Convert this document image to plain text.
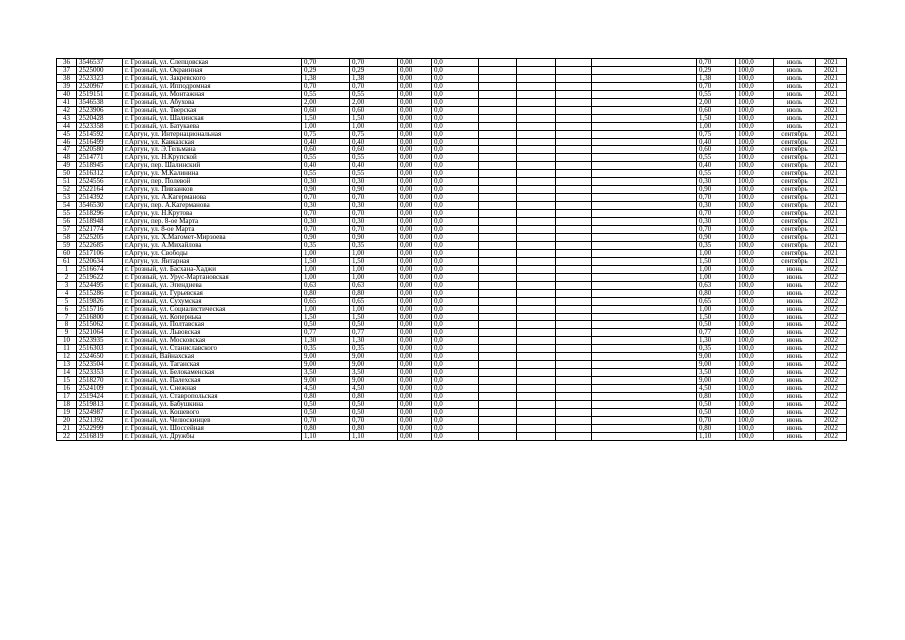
36	3546537	г. Грозный, ул. Слепцовская	0,70	0,70	0,00	0,0					0,70	100,0	июль	2021
37	2525000	г. Грозный, ул. Окраинная	0,29	0,29	0,00	0,0					0,29	100,0	июль	2021
38	2523323	г. Грозный, ул. Закревского	1,38	1,38	0,00	0,0					1,38	100,0	июль	2021
39	2520967	г. Грозный, ул. Ипподромная	0,70	0,70	0,00	0,0					0,70	100,0	июль	2021
40	2519151	г. Грозный, ул. Монтажная	0,55	0,55	0,00	0,0					0,55	100,0	июль	2021
41	3546538	г. Грозный, ул. Абухова	2,00	2,00	0,00	0,0					2,00	100,0	июль	2021
42	2523906	г. Грозный, ул. Тверская	0,60	0,60	0,00	0,0					0,60	100,0	июль	2021
43	2520428	г. Грозный, ул. Шалинская	1,50	1,50	0,00	0,0					1,50	100,0	июль	2021
44	2523358	г. Грозный, ул. Батукаева	1,00	1,00	0,00	0,0					1,00	100,0	июль	2021
45	2514592	г.Аргун, ул. Интернациональная	0,75	0,75	0,00	0,0					0,75	100,0	сентябрь	2021
46	2516499	г.Аргун, ул. Кавказская	0,40	0,40	0,00	0,0					0,40	100,0	сентябрь	2021
47	2520580	г.Аргун, ул. Э.Тельмана	0,60	0,60	0,00	0,0					0,60	100,0	сентябрь	2021
48	2514771	г.Аргун, ул. Н.Крупской	0,55	0,55	0,00	0,0					0,55	100,0	сентябрь	2021
49	2518945	г.Аргун, пер. Шалинский	0,40	0,40	0,00	0,0					0,40	100,0	сентябрь	2021
50	2516312	г.Аргун, ул. М.Калинина	0,55	0,55	0,00	0,0					0,55	100,0	сентябрь	2021
51	2524556	г.Аргун, пер. Полевой	0,30	0,30	0,00	0,0					0,30	100,0	сентябрь	2021
52	2522164	г.Аргун, ул. Пивзанков	0,90	0,90	0,00	0,0					0,90	100,0	сентябрь	2021
53	2514392	г.Аргун, ул. А.Кагерманова	0,70	0,70	0,00	0,0					0,70	100,0	сентябрь	2021
54	3546530	г.Аргун, пер. А.Кагерманова	0,30	0,30	0,00	0,0					0,30	100,0	сентябрь	2021
55	2518296	г.Аргун, ул. Н.Крутова	0,70	0,70	0,00	0,0					0,70	100,0	сентябрь	2021
56	2518948	г.Аргун, пер. 8-ое Марта	0,30	0,30	0,00	0,0					0,30	100,0	сентябрь	2021
57	2521774	г.Аргун, ул. 8-ое Марта	0,70	0,70	0,00	0,0					0,70	100,0	сентябрь	2021
58	2525205	г.Аргун, ул. Х.Магомет-Мирзоева	0,90	0,90	0,00	0,0					0,90	100,0	сентябрь	2021
59	2522685	г.Аргун, ул. А.Михайлова	0,35	0,35	0,00	0,0					0,35	100,0	сентябрь	2021
60	2517106	г.Аргун, ул. Свободы	1,00	1,00	0,00	0,0					1,00	100,0	сентябрь	2021
61	2520634	г.Аргун, ул. Янтарная	1,50	1,50	0,00	0,0					1,50	100,0	сентябрь	2021
1	2516674	г. Грозный, ул. Басхана-Хаджи	1,00	1,00	0,00	0,0					1,00	100,0	июнь	2022
2	2519622	г. Грозный, ул. Урус-Мартановская	1,00	1,00	0,00	0,0					1,00	100,0	июнь	2022
3	2524495	г. Грозный, ул. Эпендиева	0,63	0,63	0,00	0,0					0,63	100,0	июнь	2022
4	2515286	г. Грозный, ул. Гурьевская	0,80	0,80	0,00	0,0					0,80	100,0	июнь	2022
5	2519826	г. Грозный, ул. Сухумская	0,65	0,65	0,00	0,0					0,65	100,0	июнь	2022
6	2515716	г. Грозный, ул. Социалистическая	1,00	1,00	0,00	0,0					1,00	100,0	июнь	2022
7	2516800	г. Грозный, ул. Копернька	1,50	1,50	0,00	0,0					1,50	100,0	июнь	2022
8	2515062	г. Грозный, ул. Полтавская	0,50	0,50	0,00	0,0					0,50	100,0	июнь	2022
9	2521064	г. Грозный, ул. Львовская	0,77	0,77	0,00	0,0					0,77	100,0	июнь	2022
10	2523935	г. Грозный, ул. Московская	1,30	1,30	0,00	0,0					1,30	100,0	июнь	2022
11	2516303	г. Грозный, ул. Станиславского	0,35	0,35	0,00	0,0					0,35	100,0	июнь	2022
12	2524650	г. Грозный, Вайнахская	9,00	9,00	0,00	0,0					9,00	100,0	июнь	2022
13	2523504	г. Грозный, ул. Таганская	9,00	9,00	0,00	0,0					9,00	100,0	июнь	2022
14	2523353	г. Грозный, ул. Белокаменская	3,50	3,50	0,00	0,0					3,50	100,0	июнь	2022
15	2518270	г. Грозный, ул. Палехская	9,00	9,00	0,00	0,0					9,00	100,0	июнь	2022
16	2524109	г. Грозный, ул. Снежная	4,50	4,50	0,00	0,0					4,50	100,0	июнь	2022
17	2519424	г. Грозный, ул. Ставропольская	0,80	0,80	0,00	0,0					0,80	100,0	июнь	2022
18	2519813	г. Грозный, ул. Бабушкина	0,50	0,50	0,00	0,0					0,50	100,0	июнь	2022
19	2524987	г. Грозный, ул. Кошевого	0,50	0,50	0,00	0,0					0,50	100,0	июнь	2022
20	2521392	г. Грозный, ул. Челюскинцев	0,70	0,70	0,00	0,0					0,70	100,0	июнь	2022
21	2522999	г. Грозный, ул. Шоссейная	0,80	0,80	0,00	0,0					0,80	100,0	июнь	2022
22	2516819	г. Грозный, ул. Дружбы	1,10	1,10	0,00	0,0					1,10	100,0	июнь	2022
